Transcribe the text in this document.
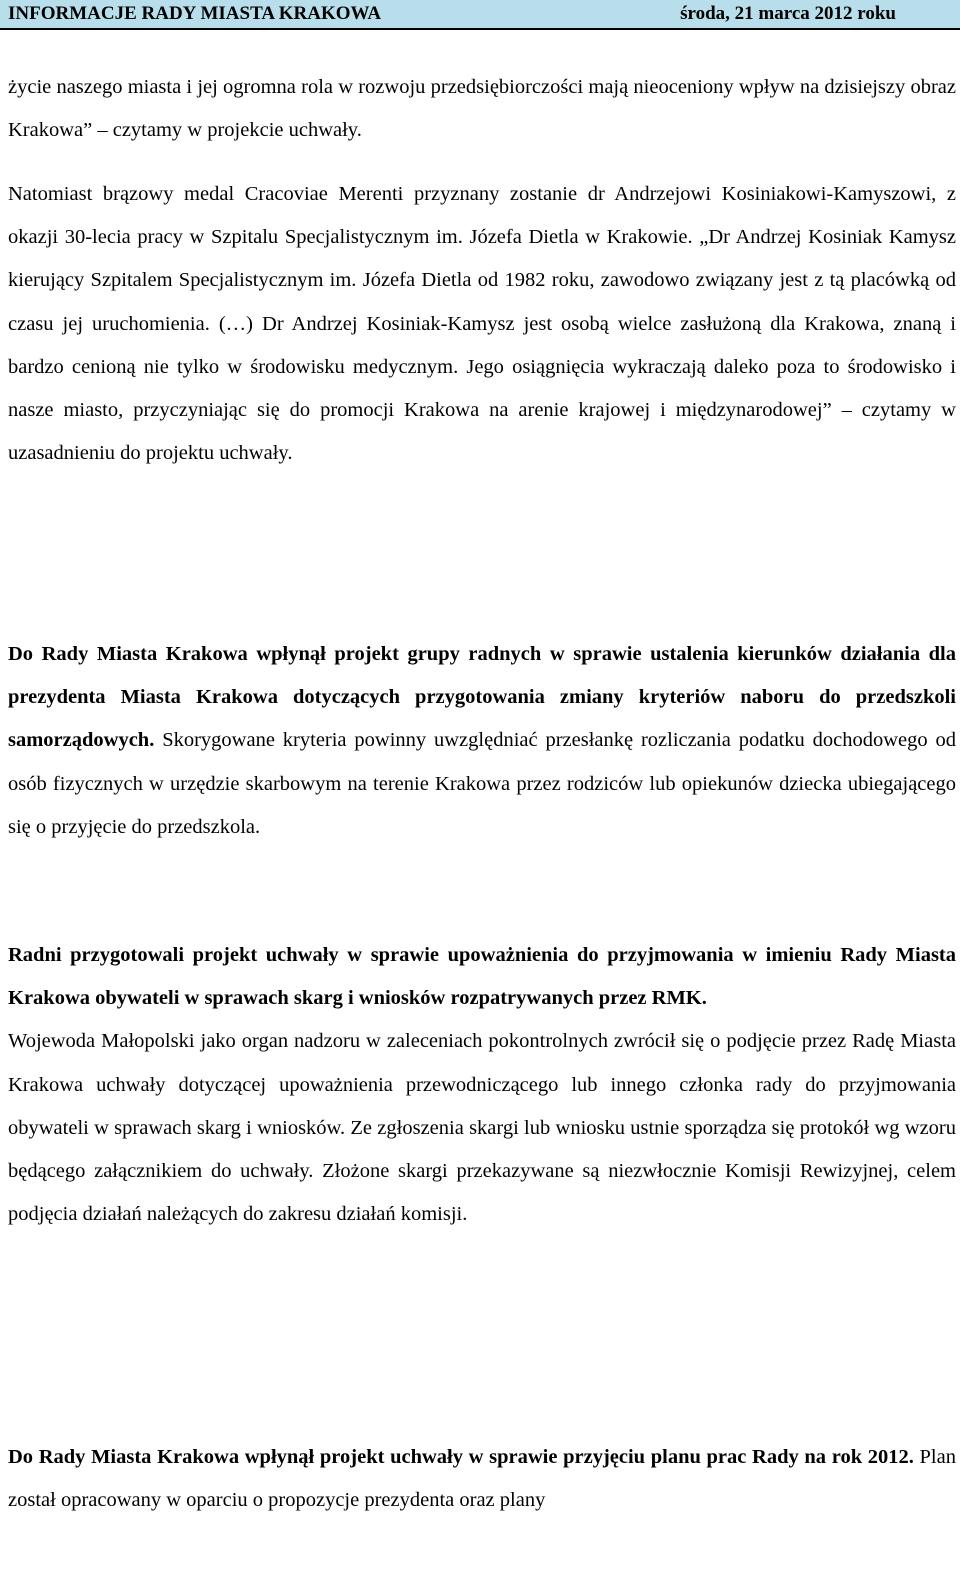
INFORMACJE RADY MIASTA KRAKOWA	środa, 21 marca 2012 roku

życie naszego miasta i jej ogromna rola w rozwoju przedsiębiorczości mają nieoceniony wpływ na dzisiejszy obraz Krakowa” – czytamy w projekcie uchwały.

Natomiast brązowy medal Cracoviae Merenti przyznany zostanie dr Andrzejowi Kosiniakowi-Kamyszowi, z okazji 30-lecia pracy w Szpitalu Specjalistycznym im. Józefa Dietla w Krakowie. „Dr Andrzej Kosiniak Kamysz kierujący Szpitalem Specjalistycznym im. Józefa Dietla od 1982 roku, zawodowo związany jest z tą placówką od czasu jej uruchomienia. (…) Dr Andrzej Kosiniak-Kamysz jest osobą wielce zasłużoną dla Krakowa, znaną i bardzo cenioną nie tylko w środowisku medycznym. Jego osiągnięcia wykraczają daleko poza to środowisko i nasze miasto, przyczyniając się do promocji Krakowa na arenie krajowej i międzynarodowej” – czytamy w uzasadnieniu do projektu uchwały.

Do Rady Miasta Krakowa wpłynął projekt grupy radnych w sprawie ustalenia kierunków działania dla prezydenta Miasta Krakowa dotyczących przygotowania zmiany kryteriów naboru do przedszkoli samorządowych. Skorygowane kryteria powinny uwzględniać przesłankę rozliczania podatku dochodowego od osób fizycznych w urzędzie skarbowym na terenie Krakowa przez rodziców lub opiekunów dziecka ubiegającego się o przyjęcie do przedszkola.

Radni przygotowali projekt uchwały w sprawie upoważnienia do przyjmowania w imieniu Rady Miasta Krakowa obywateli w sprawach skarg i wniosków rozpatrywanych przez RMK.

Wojewoda Małopolski jako organ nadzoru w zaleceniach pokontrolnych zwrócił się o podjęcie przez Radę Miasta Krakowa uchwały dotyczącej upoważnienia przewodniczącego lub innego członka rady do przyjmowania obywateli w sprawach skarg i wniosków. Ze zgłoszenia skargi lub wniosku ustnie sporządza się protokół wg wzoru będącego załącznikiem do uchwały. Złożone skargi przekazywane są niezwłocznie Komisji Rewizyjnej, celem podjęcia działań należących do zakresu działań komisji.

Do Rady Miasta Krakowa wpłynął projekt uchwały w sprawie przyjęciu planu prac Rady na rok 2012. Plan został opracowany w oparciu o propozycje prezydenta oraz plany
